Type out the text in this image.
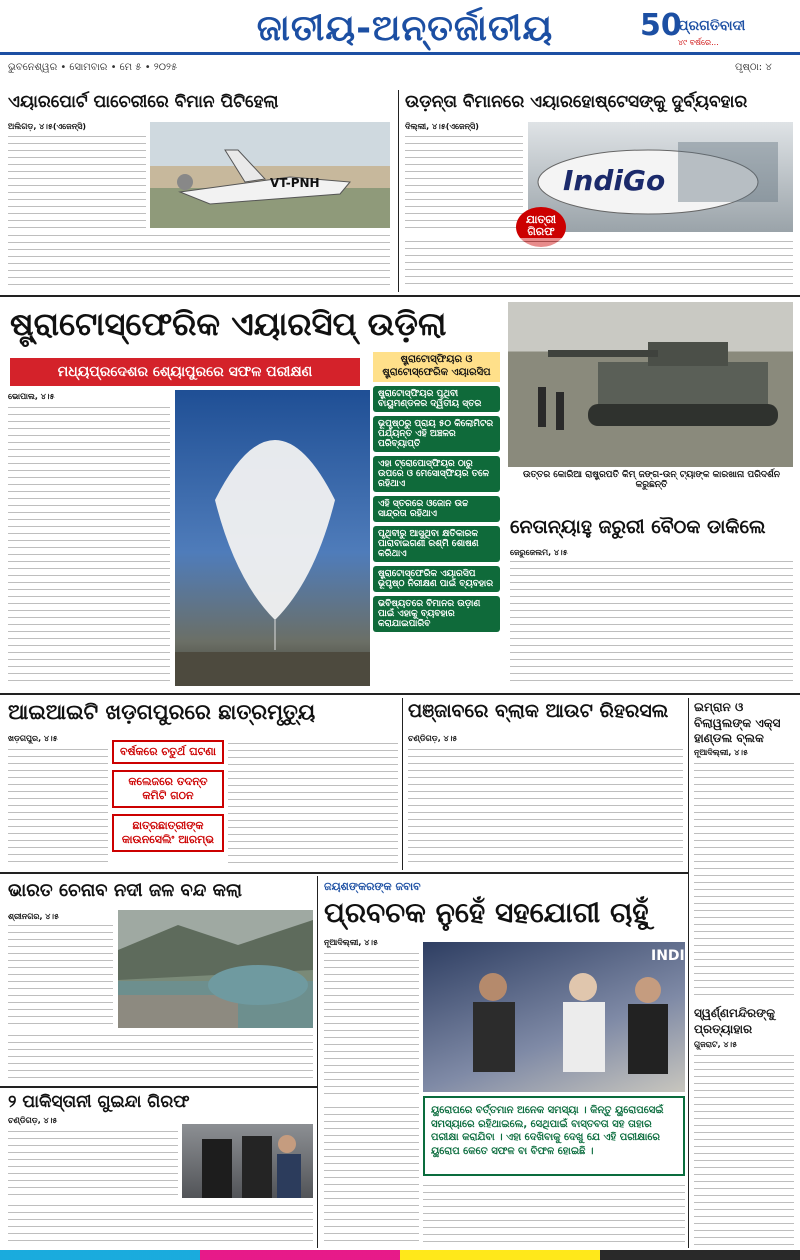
ଜାତୀୟ-ଅନ୍ତର୍ଜାତୀୟ	50
ପ୍ରଗତିବାଦୀ
୪୯ ବର୍ଷରେ...
ଭୁବନେଶ୍ୱର • ସୋମବାର • ମେ ୫ • ୨୦୨୫	ପୃଷ୍ଠା: ୪
ଏୟାରପୋର୍ଟ ପାଚେରୀରେ ବିମାନ ପିଟିହେଲା
ଅଲିଗଡ଼, ୪।୫(ଏଜେନ୍ସି)
VT-PNH
ଉଡ଼ନ୍ତା ବିମାନରେ ଏୟାରହୋଷ୍ଟେସଙ୍କୁ ଦୁର୍ବ୍ୟବହାର
ଦିଲ୍ଲୀ, ୪।୫(ଏଜେନ୍ସି)
IndiGo
ଯାତ୍ରୀ ଗିରଫ
ଷ୍ଟ୍ରାଟୋସ୍ଫେରିକ ଏୟାରସିପ୍ ଉଡ଼ିଲା
ମଧ୍ୟପ୍ରଦେଶର ଶ୍ୟୋପୁରରେ ସଫଳ ପରୀକ୍ଷଣ
ଭୋପାଲ, ୪।୫
ଷ୍ଟ୍ରାଟୋସ୍ଫିୟର ଓ ଷ୍ଟ୍ରାଟୋସ୍ଫେରିକ ଏୟାରସିପ
ଷ୍ଟ୍ରାଟୋସ୍ଫିୟର ପୃଥିବୀ ବାୟୁମଣ୍ଡଳର ଦ୍ୱିତୀୟ ସ୍ତର
ଭୂପୃଷ୍ଠରୁ ପ୍ରାୟ ୫୦ କିଲୋମିଟର ପର୍ଯ୍ୟନ୍ତ ଏହି ଅଞ୍ଚଳର ପରିବ୍ୟାପ୍ତି
ଏହା ଟ୍ରୋପୋସ୍ଫିୟର ଠାରୁ ଉପରେ ଓ ମେସୋସ୍ଫିୟର ତଳେ ରହିଥାଏ
ଏହି ସ୍ତରରେ ଓଜୋନ ଉଚ୍ଚ ସାନ୍ଦ୍ରତା ରହିଥାଏ
ପୃଥିବୀରୁ ଆସୁଥିବା କ୍ଷତିକାରକ ପାରାବାଇଗଣୀ ରଶ୍ମି ଶୋଷଣ କରିଥାଏ
ଷ୍ଟ୍ରାଟୋସ୍ଫେରିକ ଏୟାରସିପ ଭୂପୃଷ୍ଠ ନିରୀକ୍ଷଣ ପାଇଁ ବ୍ୟବହାର
ଭବିଷ୍ୟତରେ ବିମାନର ଉଡ଼ାଣ ପାଇଁ ଏହାକୁ ବ୍ୟବହାର କରାଯାଇପାରିବ
ଉତ୍ତର କୋରିଆ ରାଷ୍ଟ୍ରପତି କିମ୍ ଜଙ୍ଗ-ଉନ୍ ଟ୍ୟାଙ୍କ କାରଖାନା ପରିଦର୍ଶନ କରୁଛନ୍ତି
ନେତାନ୍ୟାହୁ ଜରୁରୀ ବୈଠକ ଡାକିଲେ
ଜେରୁଜେଲମ, ୪।୫
ଆଇଆଇଟି ଖଡ଼ଗପୁରରେ ଛାତ୍ରମୃତ୍ୟୁ
ଖଡ଼ଗପୁର, ୪।୫
ବର୍ଷକରେ ଚତୁର୍ଥ ଘଟଣା
କଲେଜରେ ତଦନ୍ତ କମିଟି ଗଠନ
ଛାତ୍ରଛାତ୍ରୀଙ୍କ କାଉନସେଲିଂ ଆରମ୍ଭ
ପଞ୍ଜାବରେ ବ୍ଲାକ ଆଉଟ ରିହରସଲ
ଚଣ୍ଡିଗଡ଼, ୪।୫
ଇମ୍ରାନ ଓ ବିଲାୱଲଙ୍କ ଏକ୍ସ ହାଣ୍ଡଲ ବ୍ଲକ
ନୂଆଦିଲ୍ଲୀ, ୪।୫
ସ୍ୱର୍ଣ୍ଣମନ୍ଦିରଙ୍କୁ ପ୍ରତ୍ୟାହାର
ଗୁଜରାଟ, ୪।୫
ଭାରତ ଚେନାବ ନଦୀ ଜଳ ବନ୍ଦ କଲା
ଶ୍ରୀନଗର, ୪।୫
ଜୟଶଙ୍କରଙ୍କ ଜବାବ
ପ୍ରବଚକ ନୁହେଁ ସହଯୋଗୀ ଚାହୁଁ
ନୂଆଦିଲ୍ଲୀ, ୪।୫
INDI
ୟୁରୋପରେ ବର୍ତ୍ତମାନ ଅନେକ ସମସ୍ୟା । କିନ୍ତୁ ୟୁରୋପସେଇଁ ସମସ୍ୟାରେ ରହିଥାଇଲେ, ସେଥିପାଇଁ ବାସ୍ତବତା ସହ ତାହାର ପରୀକ୍ଷା କରାଯିବା । ଏହା ଦେଖିବାକୁ ଦେଖୁ ଯେ ଏହି ପରୀକ୍ଷାରେ ୟୁରୋପ କେତେ ସଫଳ ବା ବିଫଳ ହୋଇଛି ।
୨ ପାକିସ୍ତାନୀ ଗୁଇନ୍ଦା ଗିରଫ
ଚଣ୍ଡିଗଡ଼, ୪।୫
